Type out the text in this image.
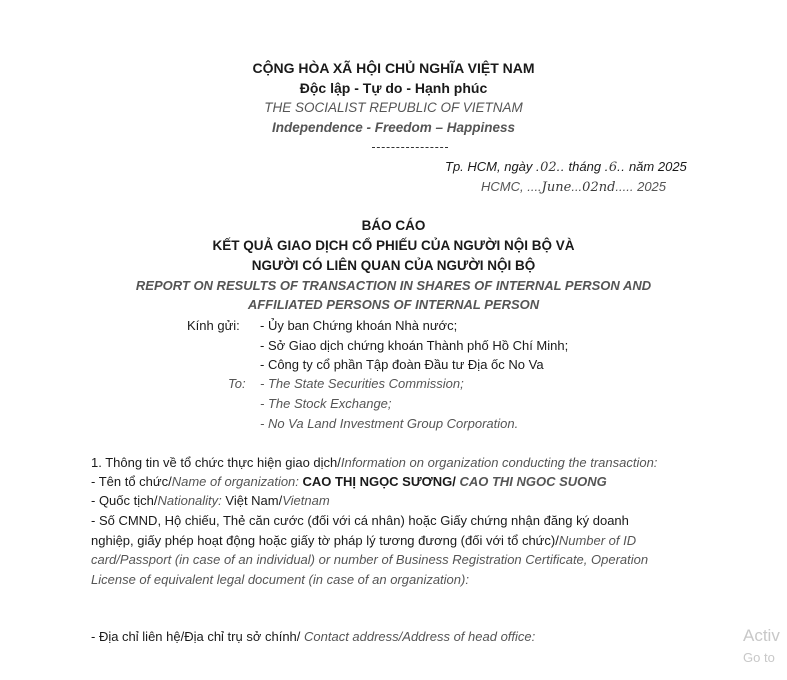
CỘNG HÒA XÃ HỘI CHỦ NGHĨA VIỆT NAM
Độc lập - Tự do - Hạnh phúc
THE SOCIALIST REPUBLIC OF VIETNAM
Independence - Freedom – Happiness
Tp. HCM, ngày .02.. tháng .6.. năm 2025
HCMC, ....June...02nd..... 2025
BÁO CÁO
KẾT QUẢ GIAO DỊCH CỔ PHIẾU CỦA NGƯỜI NỘI BỘ VÀ
NGƯỜI CÓ LIÊN QUAN CỦA NGƯỜI NỘI BỘ
REPORT ON RESULTS OF TRANSACTION IN SHARES OF INTERNAL PERSON AND
AFFILIATED PERSONS OF INTERNAL PERSON
Kính gửi: - Ủy ban Chứng khoán Nhà nước;
- Sở Giao dịch chứng khoán Thành phố Hồ Chí Minh;
- Công ty cổ phần Tập đoàn Đầu tư Địa ốc No Va
To: - The State Securities Commission;
- The Stock Exchange;
- No Va Land Investment Group Corporation.
1. Thông tin về tổ chức thực hiện giao dịch/Information on organization conducting the transaction:
- Tên tổ chức/Name of organization: CAO THỊ NGỌC SƯƠNG/ CAO THI NGOC SUONG
- Quốc tịch/Nationality: Việt Nam/Vietnam
- Số CMND, Hộ chiếu, Thẻ căn cước (đối với cá nhân) hoặc Giấy chứng nhận đăng ký doanh
nghiệp, giấy phép hoạt động hoặc giấy tờ pháp lý tương đương (đối với tổ chức)/Number of ID
card/Passport (in case of an individual) or number of Business Registration Certificate, Operation
License of equivalent legal document (in case of an organization):
- Địa chỉ liên hệ/Địa chỉ trụ sở chính/ Contact address/Address of head office:	Activ
Go to
